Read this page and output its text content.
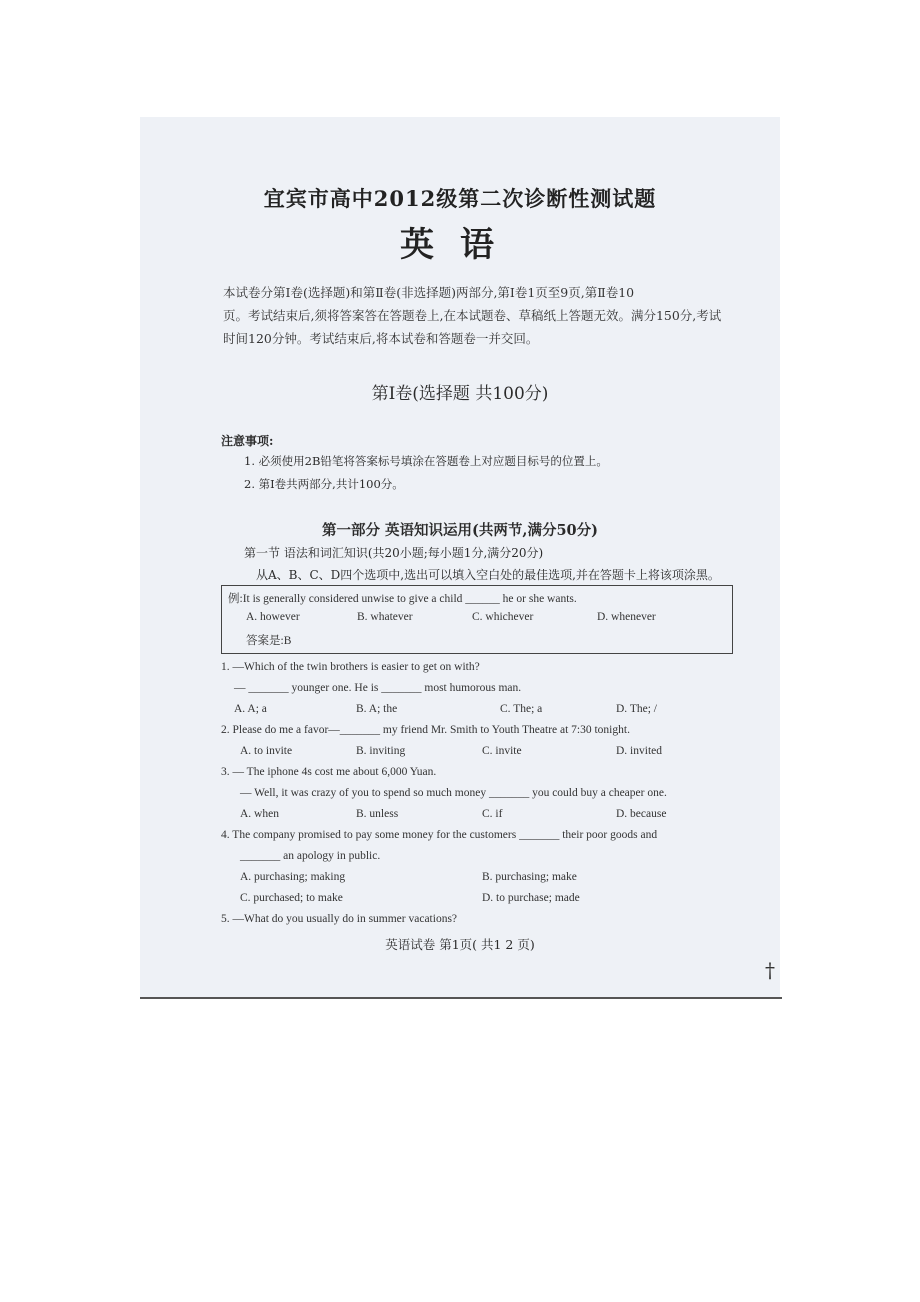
宜宾市高中2012级第二次诊断性测试题
英语
本试卷分第Ⅰ卷(选择题)和第Ⅱ卷(非选择题)两部分,第Ⅰ卷1页至9页,第Ⅱ卷10
页。考试结束后,须将答案答在答题卷上,在本试题卷、草稿纸上答题无效。满分150分,考试
时间120分钟。考试结束后,将本试卷和答题卷一并交回。
第Ⅰ卷(选择题 共100分)
注意事项:
1. 必须使用2B铅笔将答案标号填涂在答题卷上对应题目标号的位置上。
2. 第Ⅰ卷共两部分,共计100分。
第一部分 英语知识运用(共两节,满分50分)
第一节 语法和词汇知识(共20小题;每小题1分,满分20分)
从A、B、C、D四个选项中,选出可以填入空白处的最佳选项,并在答题卡上将该项涂黑。
例:It is generally considered unwise to give a child ______ he or she wants.
A. however	B. whatever	C. whichever	D. whenever
答案是:B
1. —Which of the twin brothers is easier to get on with?
— _______ younger one. He is _______ most humorous man.
A. A; a	B. A; the	C. The; a	D. The; /
2. Please do me a favor—_______ my friend Mr. Smith to Youth Theatre at 7:30 tonight.
A. to invite	B. inviting	C. invite	D. invited
3. — The iphone 4s cost me about 6,000 Yuan.
— Well, it was crazy of you to spend so much money _______ you could buy a cheaper one.
A. when	B. unless	C. if	D. because
4. The company promised to pay some money for the customers _______ their poor goods and
_______ an apology in public.
A. purchasing; making	B. purchasing; make
C. purchased; to make	D. to purchase; made
5. —What do you usually do in summer vacations?
英语试卷 第1页( 共1 2 页)
†
